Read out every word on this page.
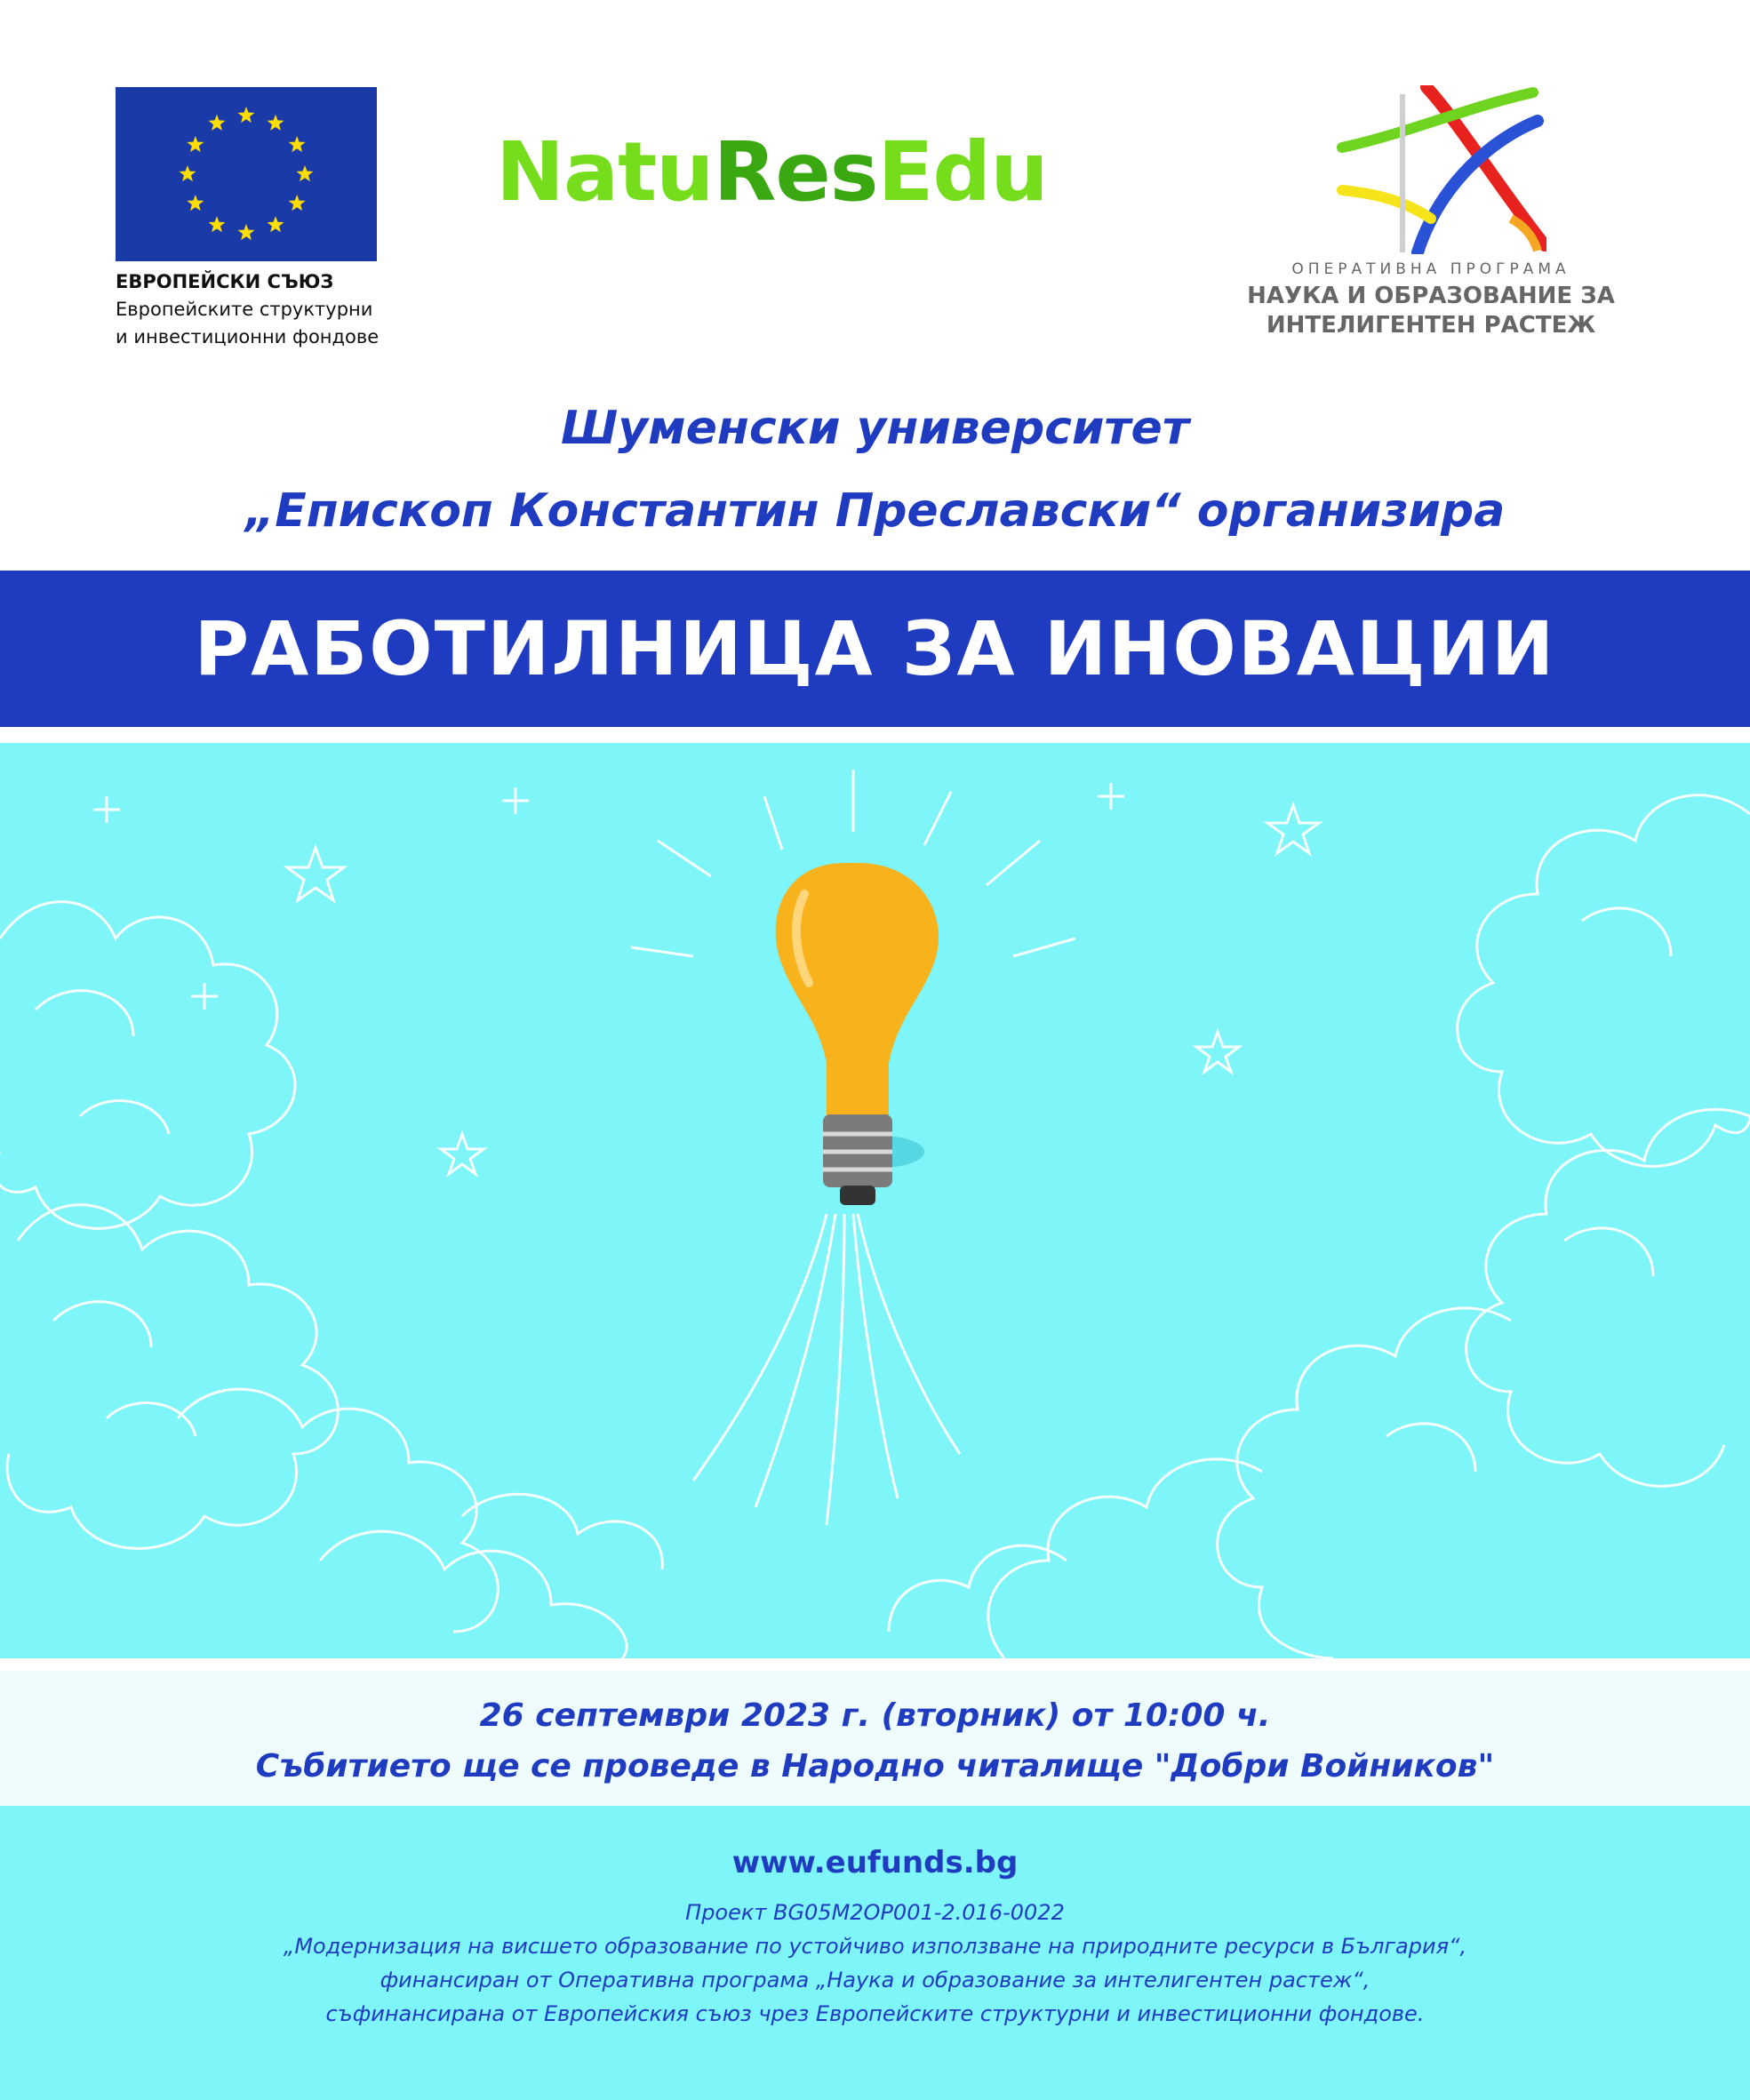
ЕВРОПЕЙСКИ СЪЮЗ
Европейските структурни
и инвестиционни фондове
NatuResEdu
ОПЕРАТИВНА ПРОГРАМА
НАУКА И ОБРАЗОВАНИЕ ЗА
ИНТЕЛИГЕНТЕН РАСТЕЖ
Шуменски университет
„Епископ Константин Преславски“ организира
РАБОТИЛНИЦА ЗА ИНОВАЦИИ
26 септември 2023 г. (вторник) от 10:00 ч.
Събитието ще се проведе в Народно читалище "Добри Войников"
www.eufunds.bg
Проект BG05M2OP001-2.016-0022
„Модернизация на висшето образование по устойчиво използване на природните ресурси в България“,
финансиран от Оперативна програма „Наука и образование за интелигентен растеж“,
съфинансирана от Европейския съюз чрез Европейските структурни и инвестиционни фондове.
